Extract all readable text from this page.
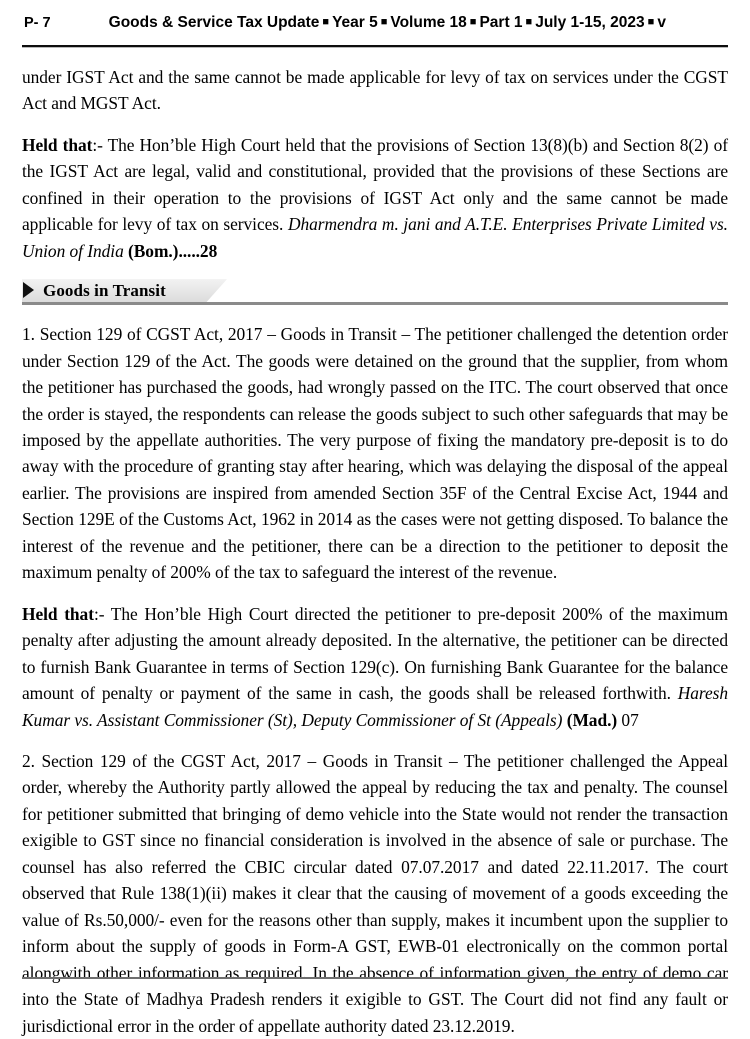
P- 7	Goods & Service Tax Update ■ Year 5 ■ Volume 18 ■ Part 1 ■ July 1-15, 2023 ■ v

under IGST Act and the same cannot be made applicable for levy of tax on services under the CGST Act and MGST Act.

Held that:- The Hon’ble High Court held that the provisions of Section 13(8)(b) and Section 8(2) of the IGST Act are legal, valid and constitutional, provided that the provisions of these Sections are confined in their operation to the provisions of IGST Act only and the same cannot be made applicable for levy of tax on services. Dharmendra m. jani and A.T.E. Enterprises Private Limited vs. Union of India (Bom.).....28

Goods in Transit

1. Section 129 of CGST Act, 2017 – Goods in Transit – The petitioner challenged the detention order under Section 129 of the Act. The goods were detained on the ground that the supplier, from whom the petitioner has purchased the goods, had wrongly passed on the ITC. The court observed that once the order is stayed, the respondents can release the goods subject to such other safeguards that may be imposed by the appellate authorities. The very purpose of fixing the mandatory pre-deposit is to do away with the procedure of granting stay after hearing, which was delaying the disposal of the appeal earlier. The provisions are inspired from amended Section 35F of the Central Excise Act, 1944 and Section 129E of the Customs Act, 1962 in 2014 as the cases were not getting disposed. To balance the interest of the revenue and the petitioner, there can be a direction to the petitioner to deposit the maximum penalty of 200% of the tax to safeguard the interest of the revenue.

Held that:- The Hon’ble High Court directed the petitioner to pre-deposit 200% of the maximum penalty after adjusting the amount already deposited. In the alternative, the petitioner can be directed to furnish Bank Guarantee in terms of Section 129(c). On furnishing Bank Guarantee for the balance amount of penalty or payment of the same in cash, the goods shall be released forthwith. Haresh Kumar vs. Assistant Commissioner (St), Deputy Commissioner of St (Appeals) (Mad.) 07

2. Section 129 of the CGST Act, 2017 – Goods in Transit – The petitioner challenged the Appeal order, whereby the Authority partly allowed the appeal by reducing the tax and penalty. The counsel for petitioner submitted that bringing of demo vehicle into the State would not render the transaction exigible to GST since no financial consideration is involved in the absence of sale or purchase. The counsel has also referred the CBIC circular dated 07.07.2017 and dated 22.11.2017. The court observed that Rule 138(1)(ii) makes it clear that the causing of movement of a goods exceeding the value of Rs.50,000/- even for the reasons other than supply, makes it incumbent upon the supplier to inform about the supply of goods in Form-A GST, EWB-01 electronically on the common portal alongwith other information as required. In the absence of information given, the entry of demo car into the State of Madhya Pradesh renders it exigible to GST. The Court did not find any fault or jurisdictional error in the order of appellate authority dated 23.12.2019.
